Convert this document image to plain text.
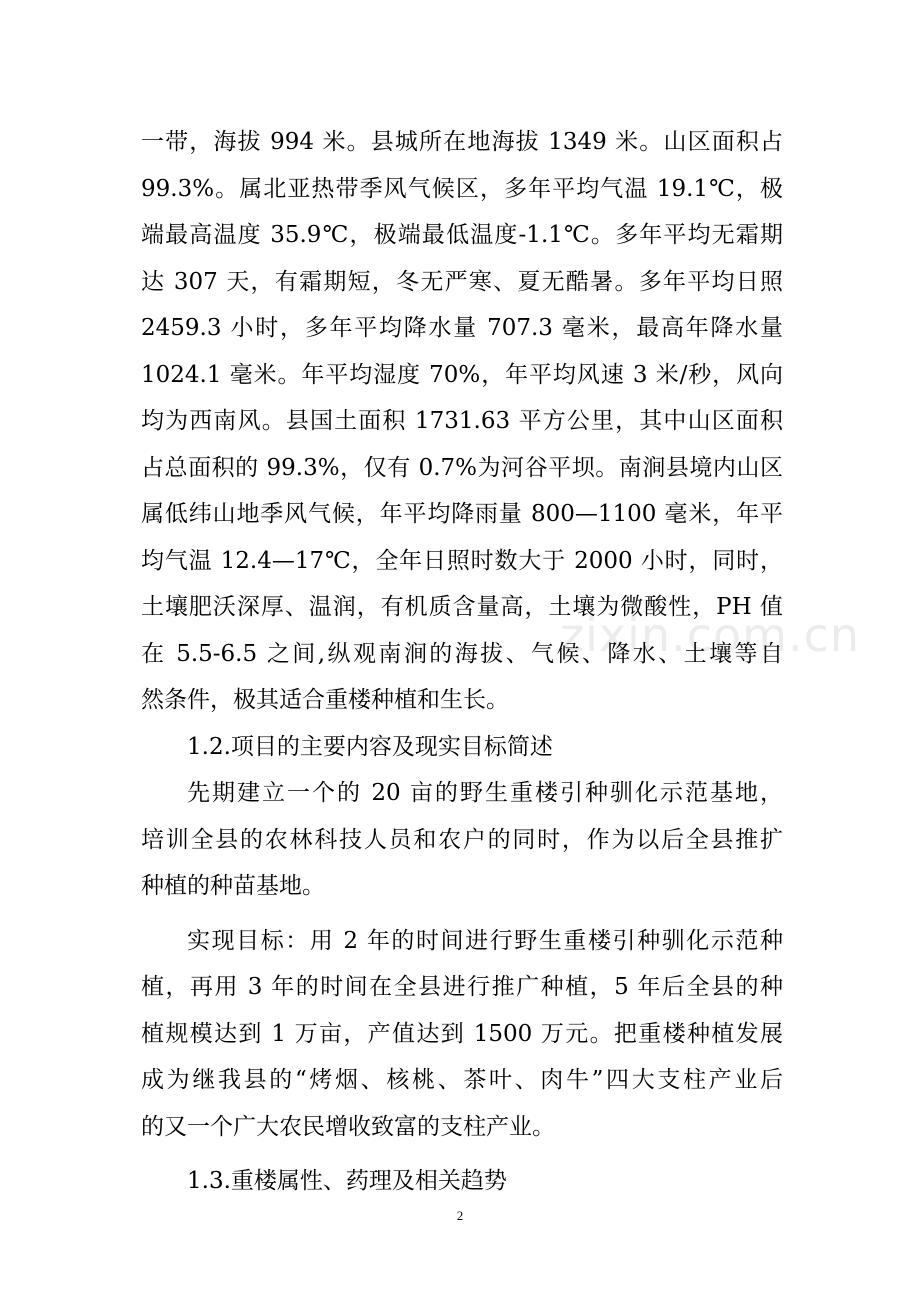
zixin.com.cn
一带，海拔 994 米。县城所在地海拔 1349 米。山区面积占
99.3%。属北亚热带季风气候区，多年平均气温 19.1℃，极
端最高温度 35.9℃，极端最低温度-1.1℃。多年平均无霜期
达 307 天，有霜期短，冬无严寒、夏无酷暑。多年平均日照
2459.3 小时，多年平均降水量 707.3 毫米，最高年降水量
1024.1 毫米。年平均湿度 70%，年平均风速 3 米/秒，风向
均为西南风。县国土面积 1731.63 平方公里，其中山区面积
占总面积的 99.3%，仅有 0.7%为河谷平坝。南涧县境内山区
属低纬山地季风气候，年平均降雨量 800—1100 毫米，年平
均气温 12.4—17℃，全年日照时数大于 2000 小时，同时，
土壤肥沃深厚、温润，有机质含量高，土壤为微酸性，PH 值
在 5.5-6.5 之间,纵观南涧的海拔、气候、降水、土壤等自
然条件，极其适合重楼种植和生长。
1.2.项目的主要内容及现实目标简述
先期建立一个的 20 亩的野生重楼引种驯化示范基地，
培训全县的农林科技人员和农户的同时，作为以后全县推扩
种植的种苗基地。
实现目标：用 2 年的时间进行野生重楼引种驯化示范种
植，再用 3 年的时间在全县进行推广种植，5 年后全县的种
植规模达到 1 万亩，产值达到 1500 万元。把重楼种植发展
成为继我县的“烤烟、核桃、茶叶、肉牛”四大支柱产业后
的又一个广大农民增收致富的支柱产业。
1.3.重楼属性、药理及相关趋势
2
